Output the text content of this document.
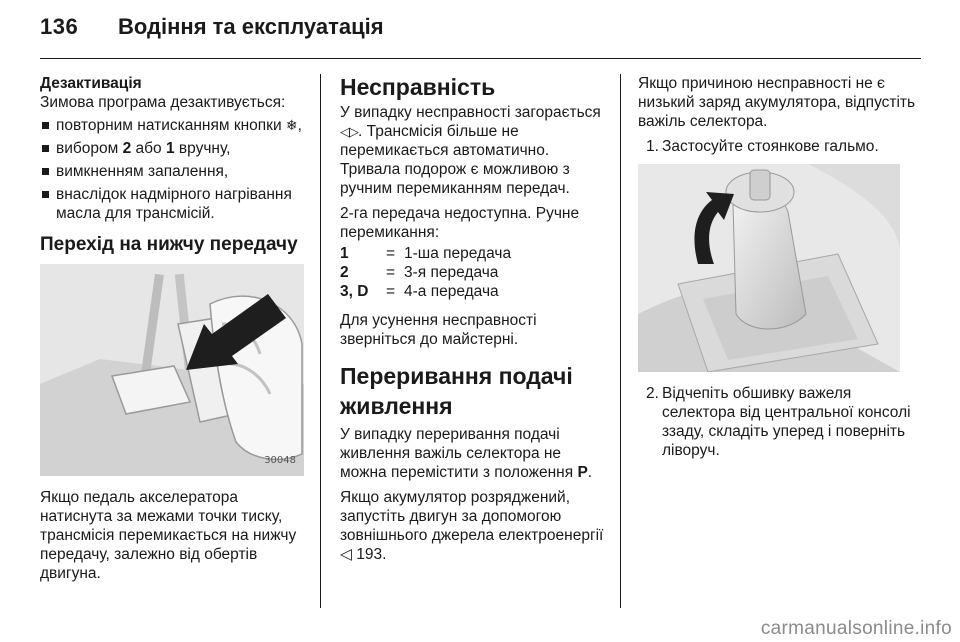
136 Водіння та експлуатація

Дезактивація

Зимова програма дезактивується:

повторним натисканням кнопки ❄,
вибором 2 або 1 вручну,
вимкненням запалення,
внаслідок надмірного нагрівання масла для трансмісій.

Перехід на нижчу передачу

30048

Якщо педаль акселератора натиснута за межами точки тиску, трансмісія перемикається на нижчу передачу, залежно від обертів двигуна.

Несправність

У випадку несправності загорається ◁▷. Трансмісія більше не перемикається автоматично. Тривала подорож є можливою з ручним перемиканням передач.

2-га передача недоступна. Ручне перемикання:

1	=	1-ша передача
2	=	3-я передача
3, D	=	4-а передача

Для усунення несправності зверніться до майстерні.

Переривання подачі
живлення

У випадку переривання подачі живлення важіль селектора не можна перемістити з положення P.

Якщо акумулятор розряджений, запустіть двигун за допомогою зовнішнього джерела електроенергії ◁ 193.

Якщо причиною несправності не є низький заряд акумулятора, відпустіть важіль селектора.

1. Застосуйте стоянкове гальмо.
2. Відчепіть обшивку важеля селектора від центральної консолі ззаду, складіть уперед і поверніть ліворуч.
carmanualsonline.info
